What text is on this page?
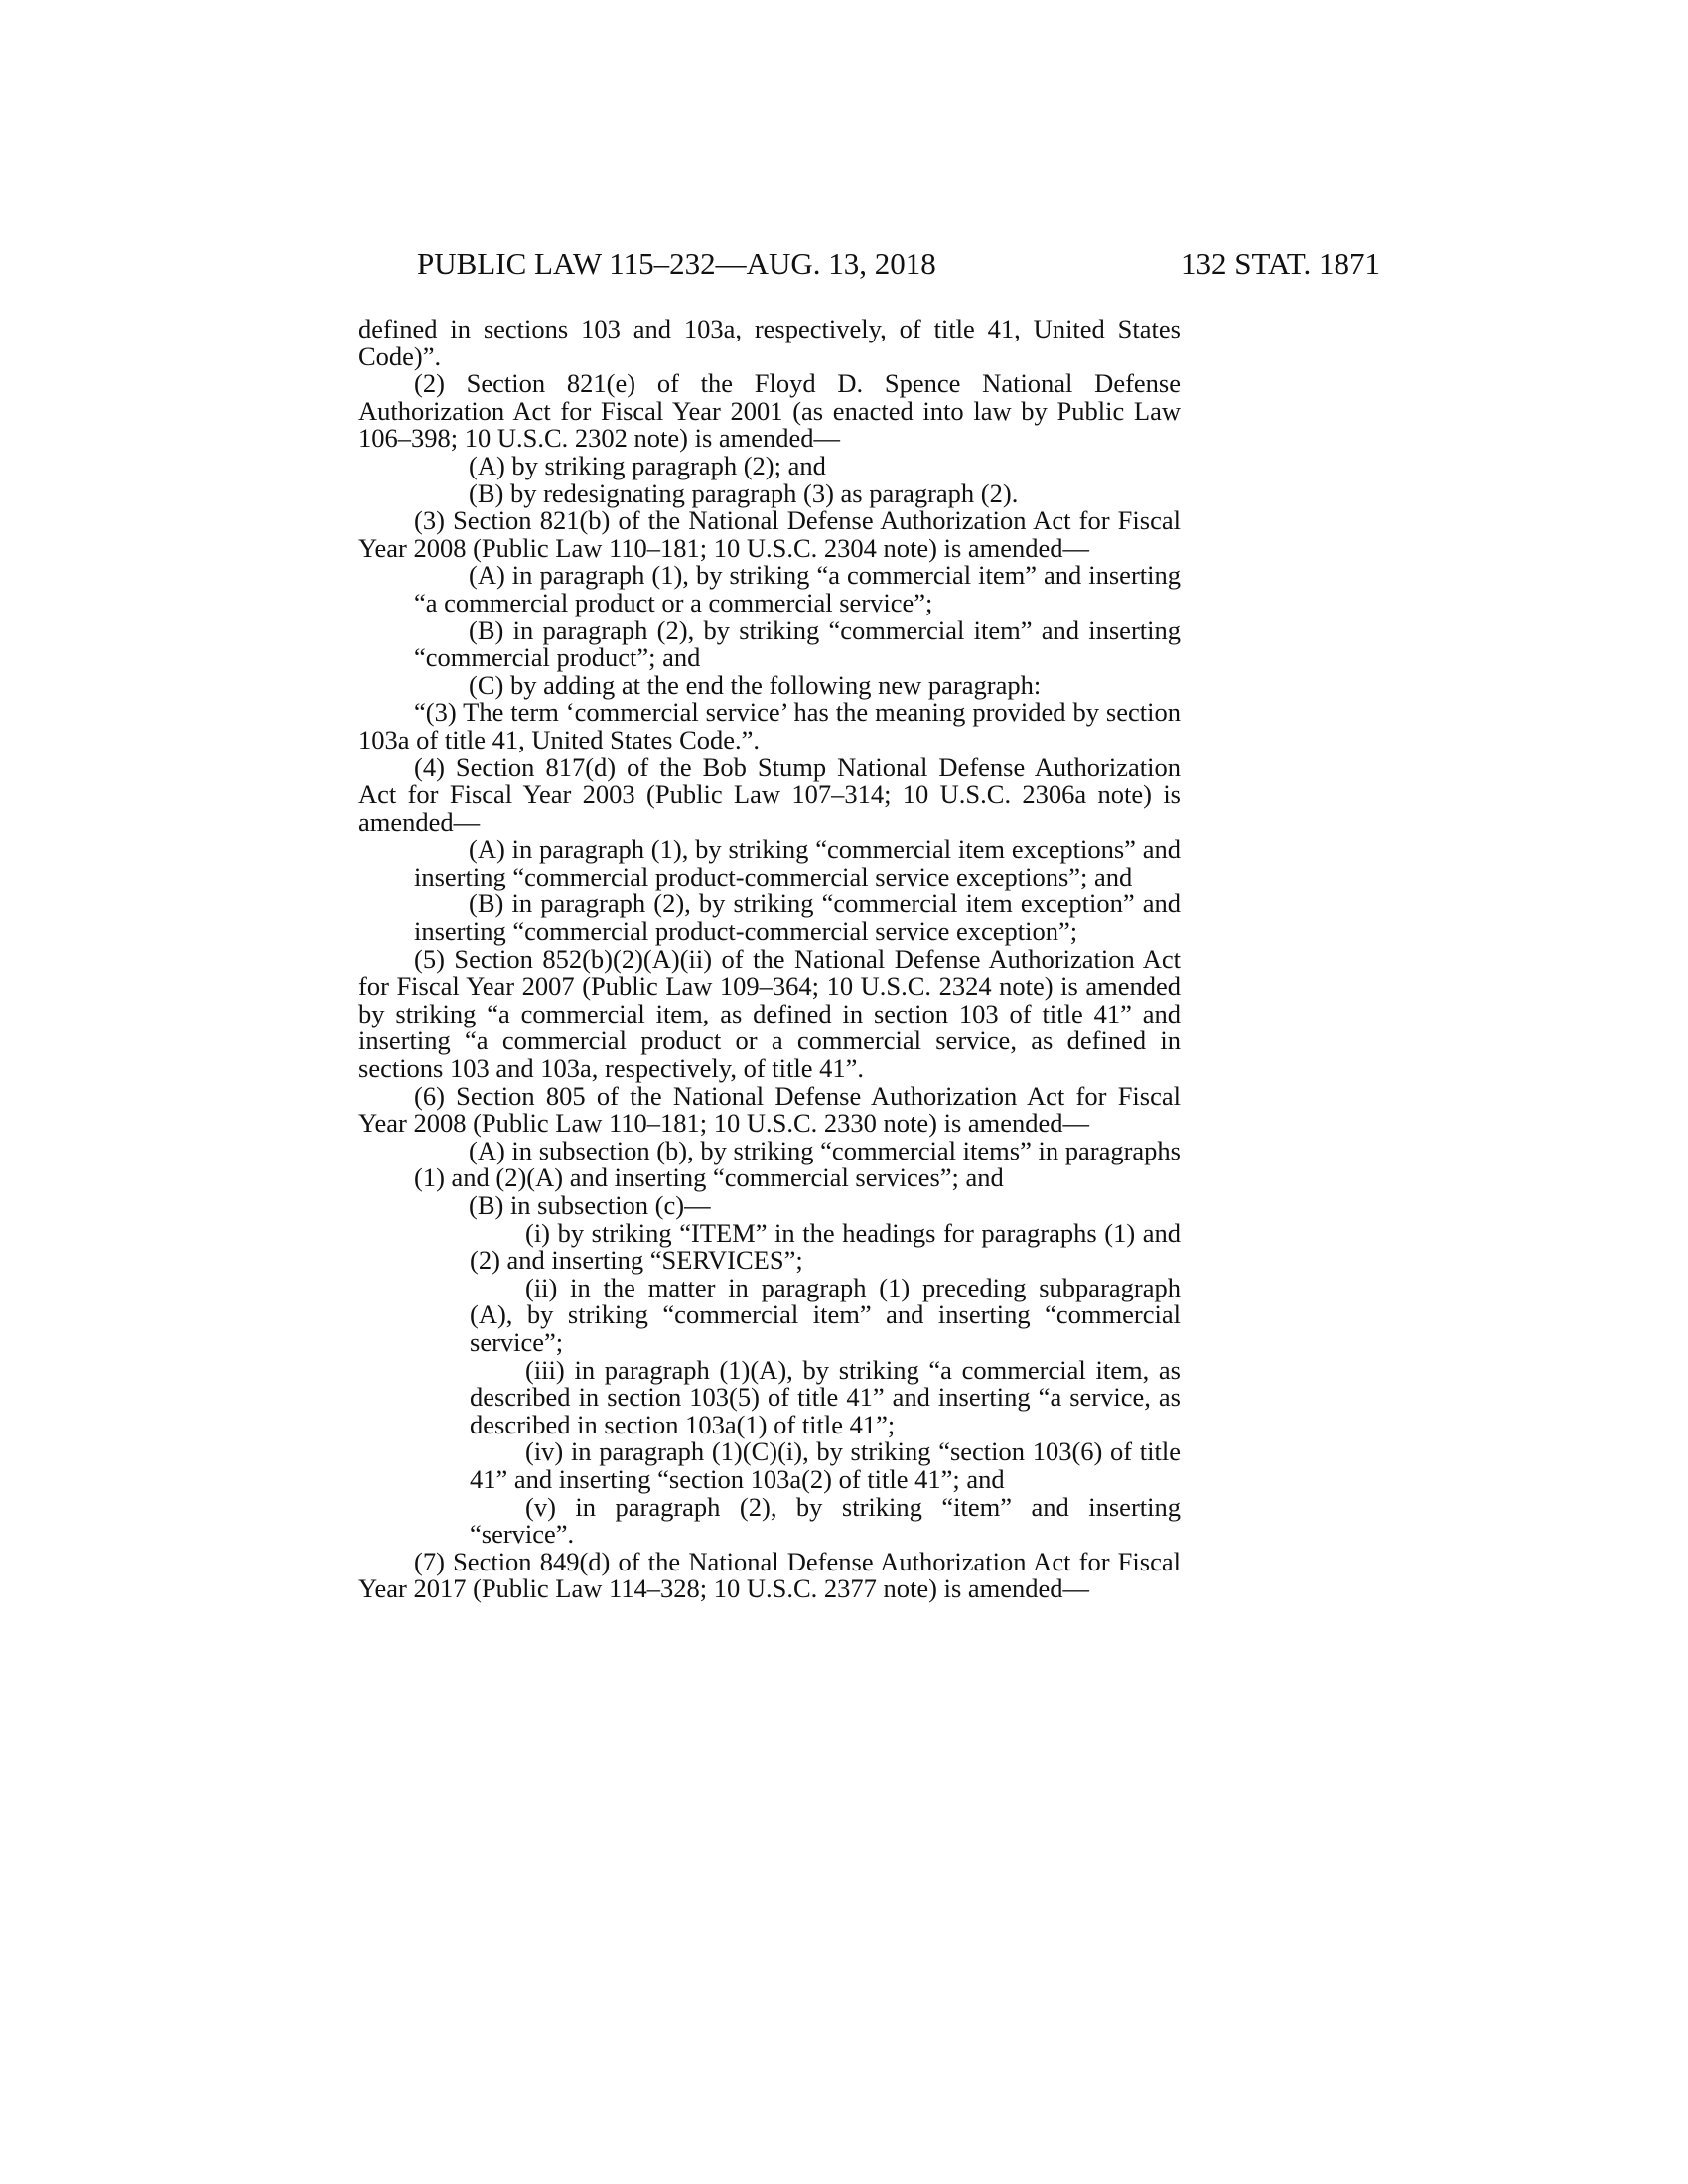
PUBLIC LAW 115–232—AUG. 13, 2018	132 STAT. 1871

defined in sections 103 and 103a, respectively, of title 41, United States Code)”.

(2) Section 821(e) of the Floyd D. Spence National Defense Authorization Act for Fiscal Year 2001 (as enacted into law by Public Law 106–398; 10 U.S.C. 2302 note) is amended—

(A) by striking paragraph (2); and

(B) by redesignating paragraph (3) as paragraph (2).

(3) Section 821(b) of the National Defense Authorization Act for Fiscal Year 2008 (Public Law 110–181; 10 U.S.C. 2304 note) is amended—

(A) in paragraph (1), by striking “a commercial item” and inserting “a commercial product or a commercial service”;

(B) in paragraph (2), by striking “commercial item” and inserting “commercial product”; and

(C) by adding at the end the following new paragraph:

“(3) The term ‘commercial service’ has the meaning provided by section 103a of title 41, United States Code.”.

(4) Section 817(d) of the Bob Stump National Defense Authorization Act for Fiscal Year 2003 (Public Law 107–314; 10 U.S.C. 2306a note) is amended—

(A) in paragraph (1), by striking “commercial item exceptions” and inserting “commercial product-commercial service exceptions”; and

(B) in paragraph (2), by striking “commercial item exception” and inserting “commercial product-commercial service exception”;

(5) Section 852(b)(2)(A)(ii) of the National Defense Authorization Act for Fiscal Year 2007 (Public Law 109–364; 10 U.S.C. 2324 note) is amended by striking “a commercial item, as defined in section 103 of title 41” and inserting “a commercial product or a commercial service, as defined in sections 103 and 103a, respectively, of title 41”.

(6) Section 805 of the National Defense Authorization Act for Fiscal Year 2008 (Public Law 110–181; 10 U.S.C. 2330 note) is amended—

(A) in subsection (b), by striking “commercial items” in paragraphs (1) and (2)(A) and inserting “commercial services”; and

(B) in subsection (c)—

(i) by striking “ITEM” in the headings for paragraphs (1) and (2) and inserting “SERVICES”;

(ii) in the matter in paragraph (1) preceding subparagraph (A), by striking “commercial item” and inserting “commercial service”;

(iii) in paragraph (1)(A), by striking “a commercial item, as described in section 103(5) of title 41” and inserting “a service, as described in section 103a(1) of title 41”;

(iv) in paragraph (1)(C)(i), by striking “section 103(6) of title 41” and inserting “section 103a(2) of title 41”; and

(v) in paragraph (2), by striking “item” and inserting “service”.

(7) Section 849(d) of the National Defense Authorization Act for Fiscal Year 2017 (Public Law 114–328; 10 U.S.C. 2377 note) is amended—
